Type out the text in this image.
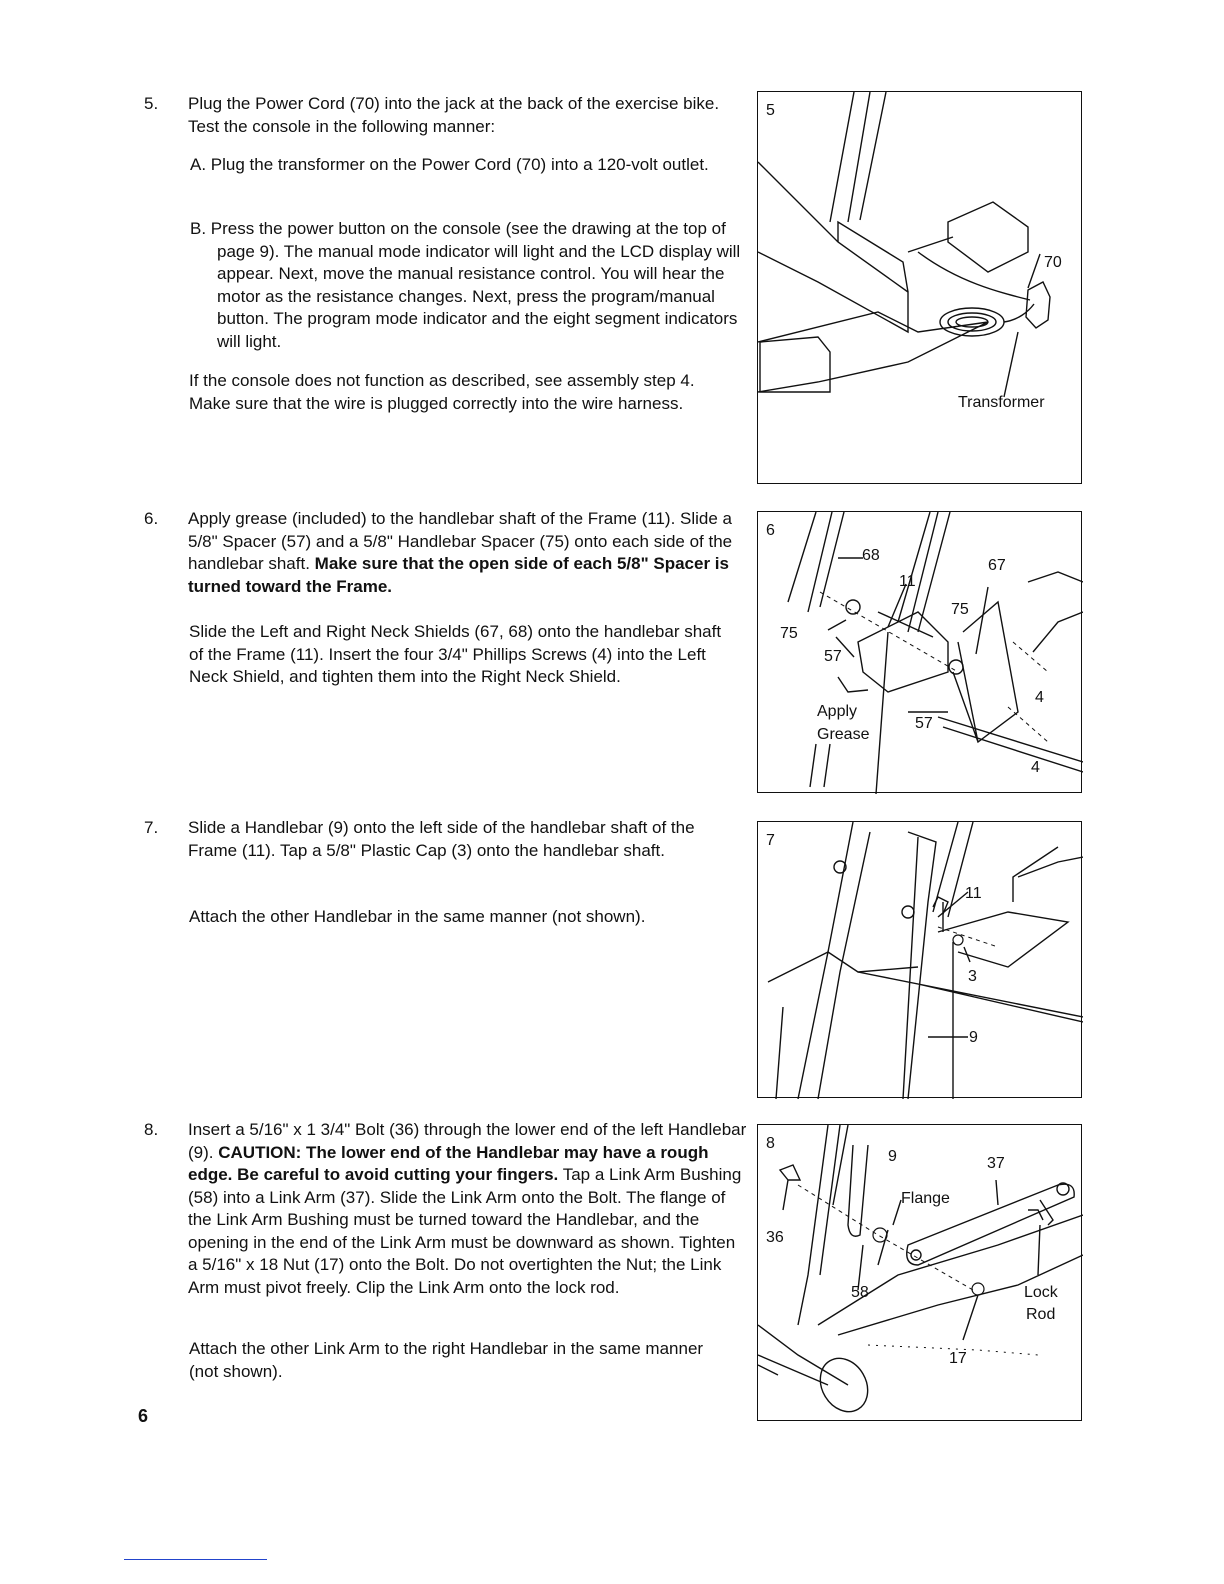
5. Plug the Power Cord (70) into the jack at the back of the exercise bike. Test the console in the following manner:

A. Plug the transformer on the Power Cord (70) into a 120-volt outlet.

B. Press the power button on the console (see the drawing at the top of page 9). The manual mode indicator will light and the LCD display will appear. Next, move the manual resistance control. You will hear the motor as the resistance changes. Next, press the program/manual button. The program mode indicator and the eight segment indicators will light.

If the console does not function as described, see assembly step 4. Make sure that the wire is plugged correctly into the wire harness.

6. Apply grease (included) to the handlebar shaft of the Frame (11). Slide a 5/8" Spacer (57) and a 5/8" Handlebar Spacer (75) onto each side of the handlebar shaft. Make sure that the open side of each 5/8" Spacer is turned toward the Frame.

Slide the Left and Right Neck Shields (67, 68) onto the handlebar shaft of the Frame (11). Insert the four 3/4" Phillips Screws (4) into the Left Neck Shield, and tighten them into the Right Neck Shield.

7. Slide a Handlebar (9) onto the left side of the handlebar shaft of the Frame (11). Tap a 5/8" Plastic Cap (3) onto the handlebar shaft.

Attach the other Handlebar in the same manner (not shown).

8. Insert a 5/16" x 1 3/4" Bolt (36) through the lower end of the left Handlebar (9). CAUTION: The lower end of the Handlebar may have a rough edge. Be careful to avoid cutting your fingers. Tap a Link Arm Bushing (58) into a Link Arm (37). Slide the Link Arm onto the Bolt. The flange of the Link Arm Bushing must be turned toward the Handlebar, and the opening in the end of the Link Arm must be downward as shown. Tighten a 5/16" x 18 Nut (17) onto the Bolt. Do not overtighten the Nut; the Link Arm must pivot freely. Clip the Link Arm onto the lock rod.

Attach the other Link Arm to the right Handlebar in the same manner (not shown).

5
70
Transformer
6
68
11
67
75
75
57
4
Apply
57
Grease
4
7
11
3
9
8
9	37
Flange
36
58	Lock
Rod
17
6
